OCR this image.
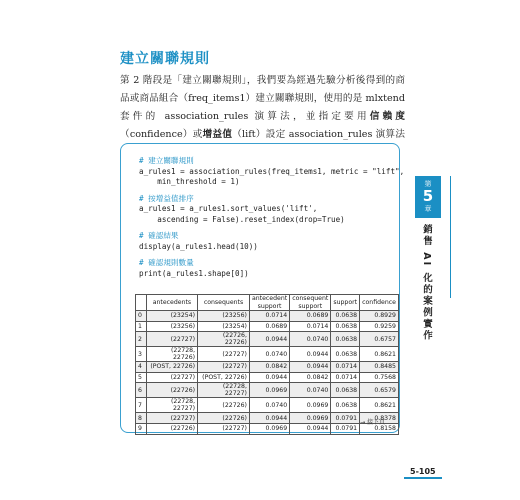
建立關聯規則
第 2 階段是「建立關聯規則」，我們要為經過先驗分析後得到的商品或商品組合（freq_items1）建立關聯規則，使用的是 mlxtend 套件的 association_rules 演算法，並指定要用信賴度（confidence）或增益值（lift）設定 association_rules 演算法
# 建立關聯規則
a_rules1 = association_rules(freq_items1, metric = "lift",
min_threshold = 1)
# 按增益值排序
a_rules1 = a_rules1.sort_values('lift',
ascending = False).reset_index(drop=True)
# 確認結果
display(a_rules1.head(10))
# 確認規則數量
print(a_rules1.shape[0])
	antecedents	consequents	antecedent support	consequent support	support	confidence
0	(23254)	(23256)	0.0714	0.0689	0.0638	0.8929
1	(23256)	(23254)	0.0689	0.0714	0.0638	0.9259
2	(22727)	(22726, 22726)	0.0944	0.0740	0.0638	0.6757
3	(22728, 22726)	(22727)	0.0740	0.0944	0.0638	0.8621
4	(POST, 22726)	(22727)	0.0842	0.0944	0.0714	0.8485
5	(22727)	(POST, 22726)	0.0944	0.0842	0.0714	0.7568
6	(22726)	(22728, 22727)	0.0969	0.0740	0.0638	0.6579
7	(22728, 22727)	(22726)	0.0740	0.0969	0.0638	0.8621
8	(22727)	(22726)	0.0944	0.0969	0.0791	0.8378
9	(22726)	(22727)	0.0969	0.0944	0.0791	0.8158
→ 接下頁
第
5
章
銷售 AI 化的案例實作
5-105
